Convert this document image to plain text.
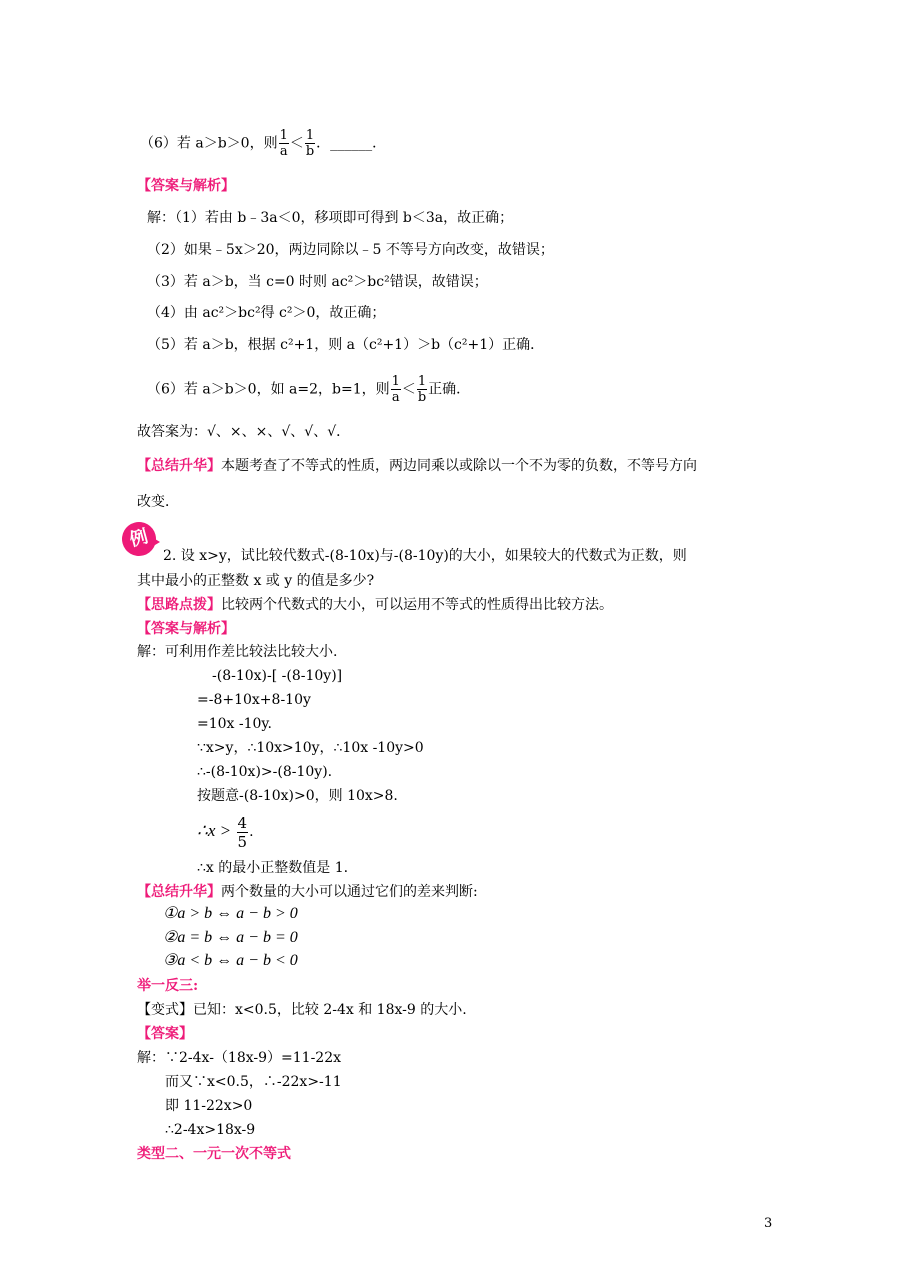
（6）若 a＞b＞0，则 $\frac{1}{a} < \frac{1}{b}$ ．______．
【答案与解析】
解：（1）若由 b﹣3a＜0，移项即可得到 b＜3a，故正确；
（2）如果﹣5x＞20，两边同除以﹣5 不等号方向改变，故错误；
（3）若 a＞b，当 c=0 时则 ac²＞bc²错误，故错误；
（4）由 ac²＞bc²得 c²＞0，故正确；
（5）若 a＞b，根据 c²+1，则 a（c²+1）＞b（c²+1）正确．
（6）若 a＞b＞0，如 a=2，b=1，则 $\frac{1}{a} < \frac{1}{b}$ 正确．
故答案为：√、×、×、√、√、√．
【总结升华】本题考查了不等式的性质，两边同乘以或除以一个不为零的负数，不等号方向
改变．
例
2. 设 x>y，试比较代数式-(8-10x)与-(8-10y)的大小，如果较大的代数式为正数，则
其中最小的正整数 x 或 y 的值是多少?
【思路点拨】比较两个代数式的大小，可以运用不等式的性质得出比较方法。
【答案与解析】
解：可利用作差比较法比较大小.
-(8-10x)-[ -(8-10y)]
=-8+10x+8-10y
=10x -10y.
∵x>y，∴10x>10y，∴10x -10y>0
∴-(8-10x)>-(8-10y).
按题意-(8-10x)>0，则 10x>8.
∴x > $\frac{4}{5}$ .
∴x 的最小正整数值是 1.
【总结升华】两个数量的大小可以通过它们的差来判断:
①a > b ⇔ a − b > 0
②a = b ⇔ a − b = 0
③a < b ⇔ a − b < 0
举一反三:
【变式】已知：x<0.5，比较 2-4x 和 18x-9 的大小.
【答案】
解：∵2-4x-（18x-9）=11-22x
而又∵x<0.5，∴-22x>-11
即 11-22x>0
∴2-4x>18x-9
类型二、一元一次不等式
3
